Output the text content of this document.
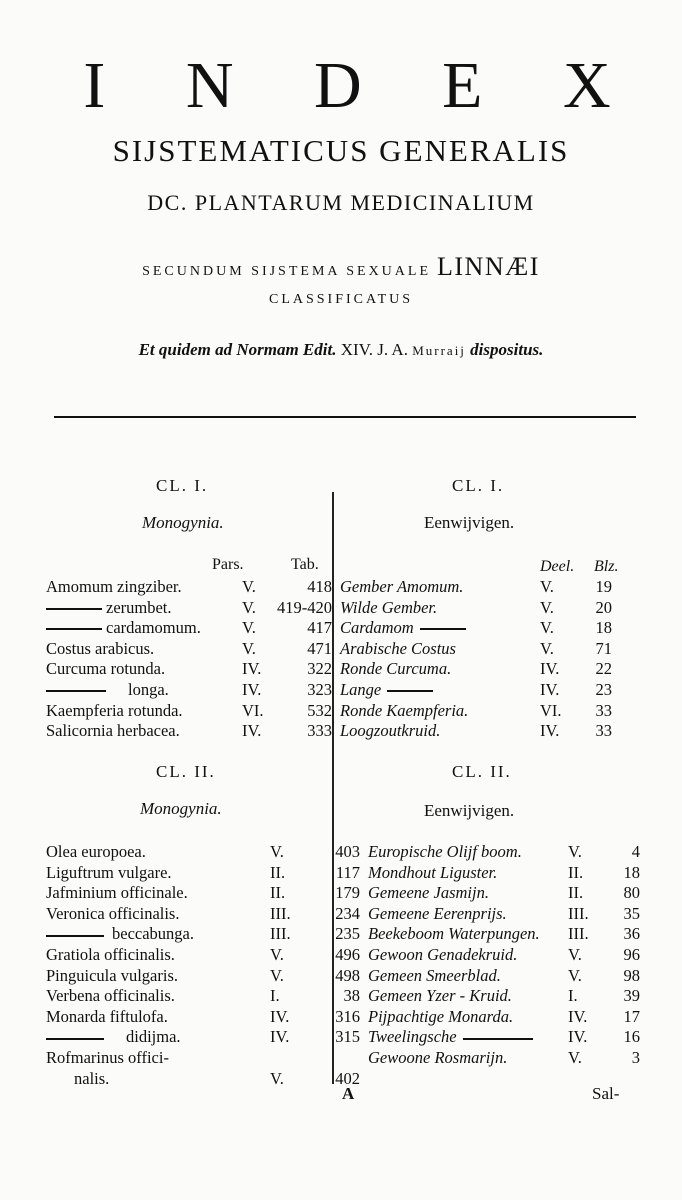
I N D E X
SIJSTEMATICUS GENERALIS
DC. PLANTARUM MEDICINALIUM
SECUNDUM SIJSTEMA SEXUALE LINNÆI
CLASSIFICATUS
Et quidem ad Normam Edit. XIV. J. A. Murraij dispositus.
CL. I.	CL. I.
Monogynia.	Eenwijvigen.
Pars.	Tab.	Deel. Blz.
Amomum zingziber.	V.	418		Gember Amomum.	V.	19
zerumbet.	V.	419-420		Wilde Gember.	V.	20
cardamomum.	V.	417		Cardamom	V.	18
Costus arabicus.	V.	471		Arabische Costus	V.	71
Curcuma rotunda.	IV.	322		Ronde Curcuma.	IV.	22
longa.	IV.	323		Lange	IV.	23
Kaempferia rotunda.	VI.	532		Ronde Kaempferia.	VI.	33
Salicornia herbacea.	IV.	333		Loogzoutkruid.	IV.	33
CL. II.	CL. II.
Monogynia.	Eenwijvigen.
Olea europoea.	V.	403		Europische Olijf boom.	V.	4
Liguftrum vulgare.	II.	117		Mondhout Liguster.	II.	18
Jafminium officinale.	II.	179		Gemeene Jasmijn.	II.	80
Veronica officinalis.	III.	234		Gemeene Eerenprijs.	III.	35
beccabunga.	III.	235		Beekeboom Waterpungen.	III.	36
Gratiola officinalis.	V.	496		Gewoon Genadekruid.	V.	96
Pinguicula vulgaris.	V.	498		Gemeen Smeerblad.	V.	98
Verbena officinalis.	I.	38		Gemeen Yzer - Kruid.	I.	39
Monarda fiftulofa.	IV.	316		Pijpachtige Monarda.	IV.	17
didijma.	IV.	315		Tweelingsche	IV.	16
Rofmarinus offici-				Gewoone Rosmarijn.	V.	3
nalis.	V.	402				
A	Sal-
